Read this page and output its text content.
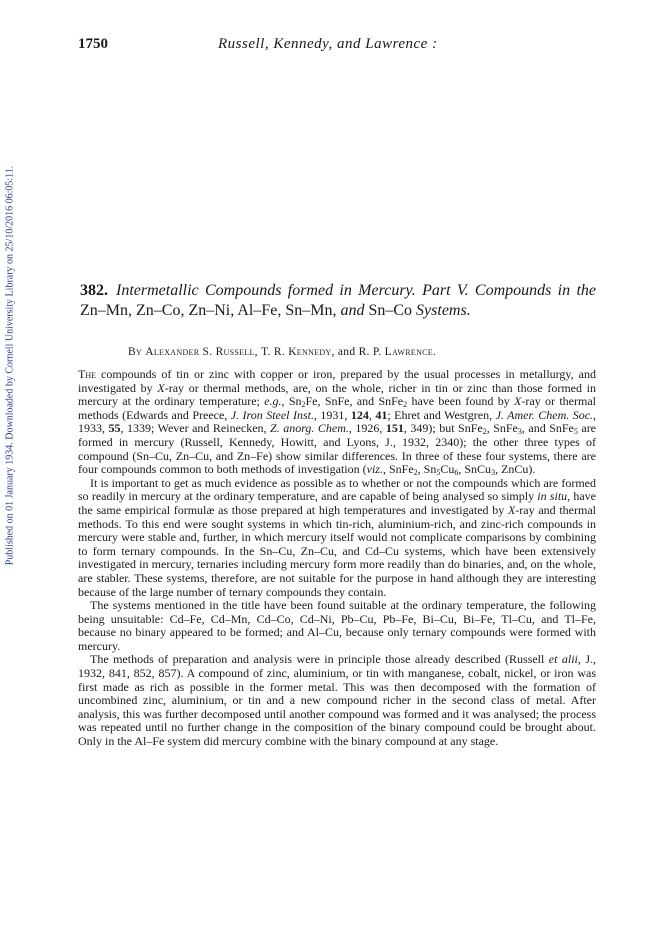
Published on 01 January 1934. Downloaded by Cornell University Library on 25/10/2016 06:05:11.
1750	Russell, Kennedy, and Lawrence :
382. Intermetallic Compounds formed in Mercury. Part V. Compounds in the Zn–Mn, Zn–Co, Zn–Ni, Al–Fe, Sn–Mn, and Sn–Co Systems.
By Alexander S. Russell, T. R. Kennedy, and R. P. Lawrence.

The compounds of tin or zinc with copper or iron, prepared by the usual processes in metallurgy, and investigated by X-ray or thermal methods, are, on the whole, richer in tin or zinc than those formed in mercury at the ordinary temperature; e.g., $Sn_2Fe$, SnFe, and SnFe$_2$ have been found by X-ray or thermal methods (Edwards and Preece, J. Iron Steel Inst., 1931, 124, 41; Ehret and Westgren, J. Amer. Chem. Soc., 1933, 55, 1339; Wever and Reinecken, Z. anorg. Chem., 1926, 151, 349); but SnFe$_2$, SnFe$_3$, and SnFe$_5$ are formed in mercury (Russell, Kennedy, Howitt, and Lyons, J., 1932, 2340); the other three types of compound (Sn–Cu, Zn–Cu, and Zn–Fe) show similar differences. In three of these four systems, there are four compounds common to both methods of investigation (viz., SnFe$_2$, $Sn_5Cu_6$, SnCu$_3$, ZnCu).

It is important to get as much evidence as possible as to whether or not the compounds which are formed so readily in mercury at the ordinary temperature, and are capable of being analysed so simply in situ, have the same empirical formulæ as those prepared at high temperatures and investigated by X-ray and thermal methods. To this end were sought systems in which tin-rich, aluminium-rich, and zinc-rich compounds in mercury were stable and, further, in which mercury itself would not complicate comparisons by combining to form ternary compounds. In the Sn–Cu, Zn–Cu, and Cd–Cu systems, which have been extensively investigated in mercury, ternaries including mercury form more readily than do binaries, and, on the whole, are stabler. These systems, therefore, are not suitable for the purpose in hand although they are interesting because of the large number of ternary compounds they contain.

The systems mentioned in the title have been found suitable at the ordinary temperature, the following being unsuitable: Cd–Fe, Cd–Mn, Cd–Co, Cd–Ni, Pb–Cu, Pb–Fe, Bi–Cu, Bi–Fe, Tl–Cu, and Tl–Fe, because no binary appeared to be formed; and Al–Cu, because only ternary compounds were formed with mercury.

The methods of preparation and analysis were in principle those already described (Russell et alii, J., 1932, 841, 852, 857). A compound of zinc, aluminium, or tin with manganese, cobalt, nickel, or iron was first made as rich as possible in the former metal. This was then decomposed with the formation of uncombined zinc, aluminium, or tin and a new compound richer in the second class of metal. After analysis, this was further decomposed until another compound was formed and it was analysed; the process was repeated until no further change in the composition of the binary compound could be brought about. Only in the Al–Fe system did mercury combine with the binary compound at any stage.
